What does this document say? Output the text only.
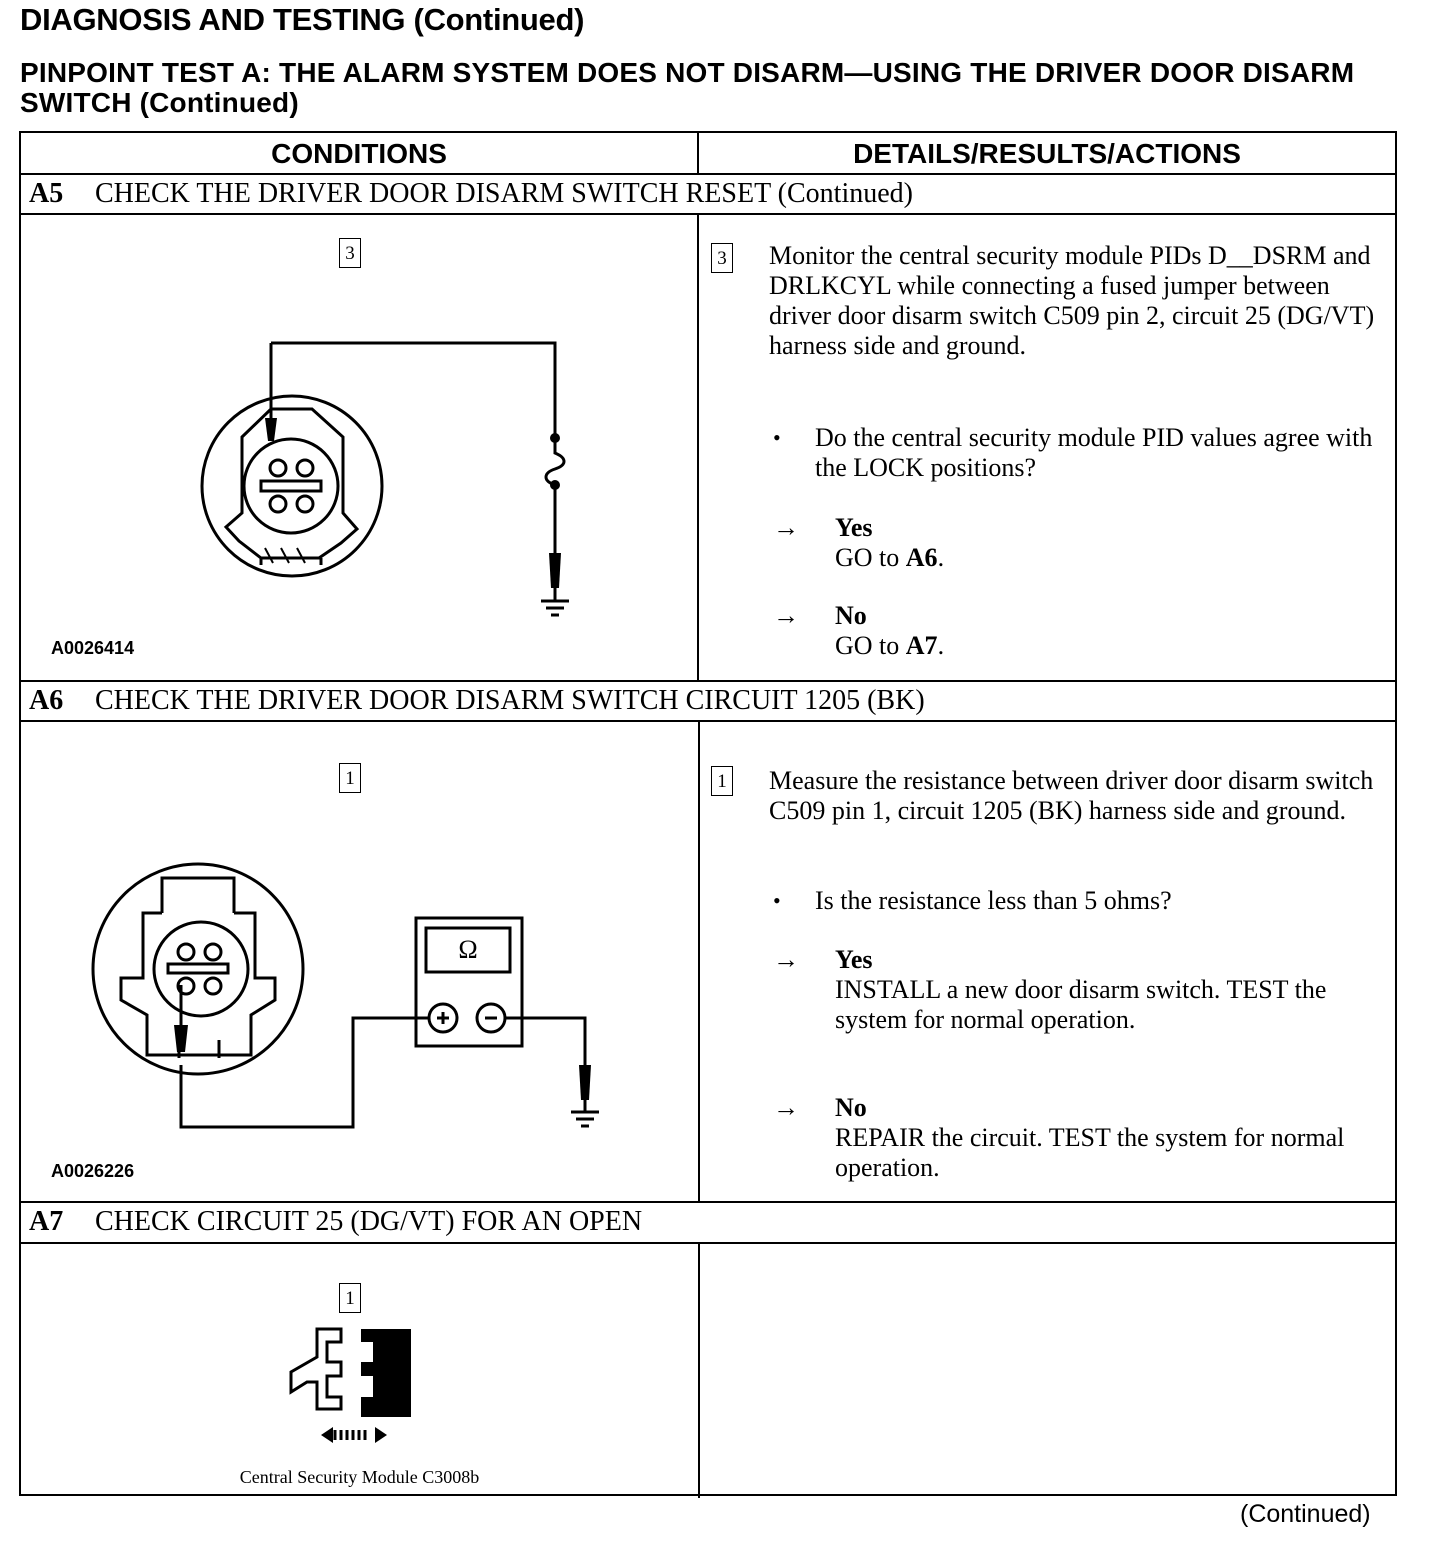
DIAGNOSIS AND TESTING (Continued)
PINPOINT TEST A: THE ALARM SYSTEM DOES NOT DISARM—USING THE DRIVER DOOR DISARM SWITCH (Continued)
CONDITIONS	DETAILS/RESULTS/ACTIONS
A5 CHECK THE DRIVER DOOR DISARM SWITCH RESET (Continued)
3
A0026414
3 Monitor the central security module PIDs D__DSRM and DRLKCYL while connecting a fused jumper between driver door disarm switch C509 pin 2, circuit 25 (DG/VT) harness side and ground.
• Do the central security module PID values agree with the LOCK positions?
→ Yes
GO to A6.
→ No
GO to A7.
A6 CHECK THE DRIVER DOOR DISARM SWITCH CIRCUIT 1205 (BK)
1
Ω
A0026226
1 Measure the resistance between driver door disarm switch C509 pin 1, circuit 1205 (BK) harness side and ground.
• Is the resistance less than 5 ohms?
→ Yes
INSTALL a new door disarm switch. TEST the system for normal operation.
→ No
REPAIR the circuit. TEST the system for normal operation.
A7 CHECK CIRCUIT 25 (DG/VT) FOR AN OPEN
1
Central Security Module C3008b
(Continued)
